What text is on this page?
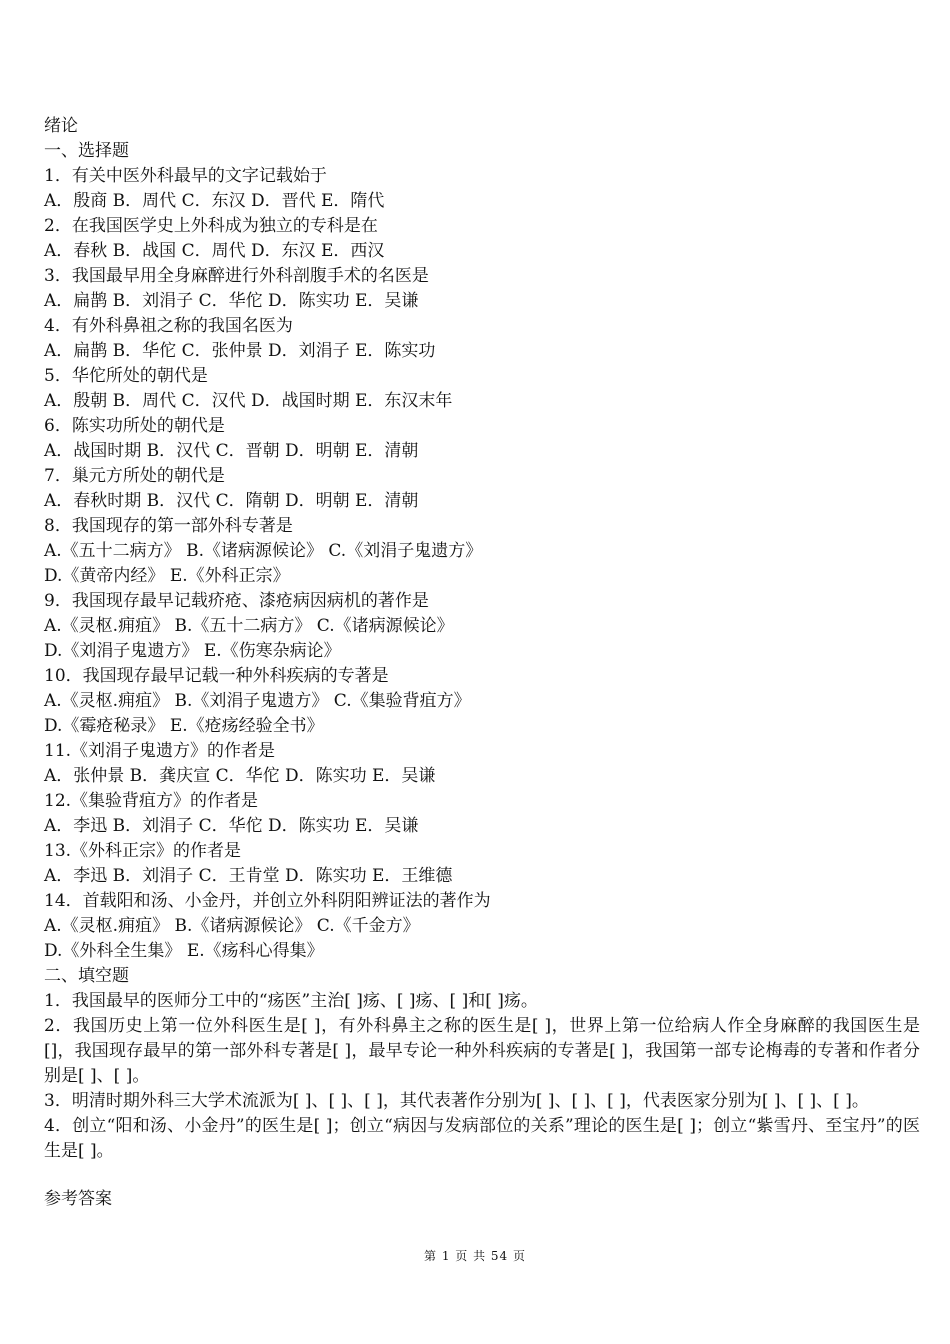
绪论
一、选择题
1．有关中医外科最早的文字记载始于
A．殷商 B．周代 C．东汉 D．晋代 E．隋代
2．在我国医学史上外科成为独立的专科是在
A．春秋 B．战国 C．周代 D．东汉 E．西汉
3．我国最早用全身麻醉进行外科剖腹手术的名医是
A．扁鹊 B．刘涓子 C．华佗 D．陈实功 E．吴谦
4．有外科鼻祖之称的我国名医为
A．扁鹊 B．华佗 C．张仲景 D．刘涓子 E．陈实功
5．华佗所处的朝代是
A．殷朝 B．周代 C．汉代 D．战国时期 E．东汉末年
6．陈实功所处的朝代是
A．战国时期 B．汉代 C．晋朝 D．明朝 E．清朝
7．巢元方所处的朝代是
A．春秋时期 B．汉代 C．隋朝 D．明朝 E．清朝
8．我国现存的第一部外科专著是
A.《五十二病方》 B.《诸病源候论》 C.《刘涓子鬼遗方》
D.《黄帝内经》 E.《外科正宗》
9．我国现存最早记载疥疮、漆疮病因病机的著作是
A.《灵枢.痈疽》 B.《五十二病方》 C.《诸病源候论》
D.《刘涓子鬼遗方》 E.《伤寒杂病论》
10．我国现存最早记载一种外科疾病的专著是
A.《灵枢.痈疽》 B.《刘涓子鬼遗方》 C.《集验背疽方》
D.《霉疮秘录》 E.《疮疡经验全书》
11.《刘涓子鬼遗方》的作者是
A．张仲景 B．龚庆宣 C．华佗 D．陈实功 E．吴谦
12.《集验背疽方》的作者是
A．李迅 B．刘涓子 C．华佗 D．陈实功 E．吴谦
13.《外科正宗》的作者是
A．李迅 B．刘涓子 C．王肯堂 D．陈实功 E．王维德
14．首载阳和汤、小金丹，并创立外科阴阳辨证法的著作为
A.《灵枢.痈疽》 B.《诸病源候论》 C.《千金方》
D.《外科全生集》 E.《疡科心得集》
二、填空题
1．我国最早的医师分工中的“疡医”主治[ ]疡、[ ]疡、[ ]和[ ]疡。
2．我国历史上第一位外科医生是[ ]，有外科鼻主之称的医生是[ ]，世界上第一位给病人作全身麻醉的我国医生是[]，我国现存最早的第一部外科专著是[ ]，最早专论一种外科疾病的专著是[ ]，我国第一部专论梅毒的专著和作者分别是[ ]、[ ]。
3．明清时期外科三大学术流派为[ ]、[ ]、[ ]，其代表著作分别为[ ]、[ ]、[ ]，代表医家分别为[ ]、[ ]、[ ]。
4．创立“阳和汤、小金丹”的医生是[ ]；创立“病因与发病部位的关系”理论的医生是[ ]；创立“紫雪丹、至宝丹”的医生是[ ]。
参考答案
第 1 页 共 54 页
